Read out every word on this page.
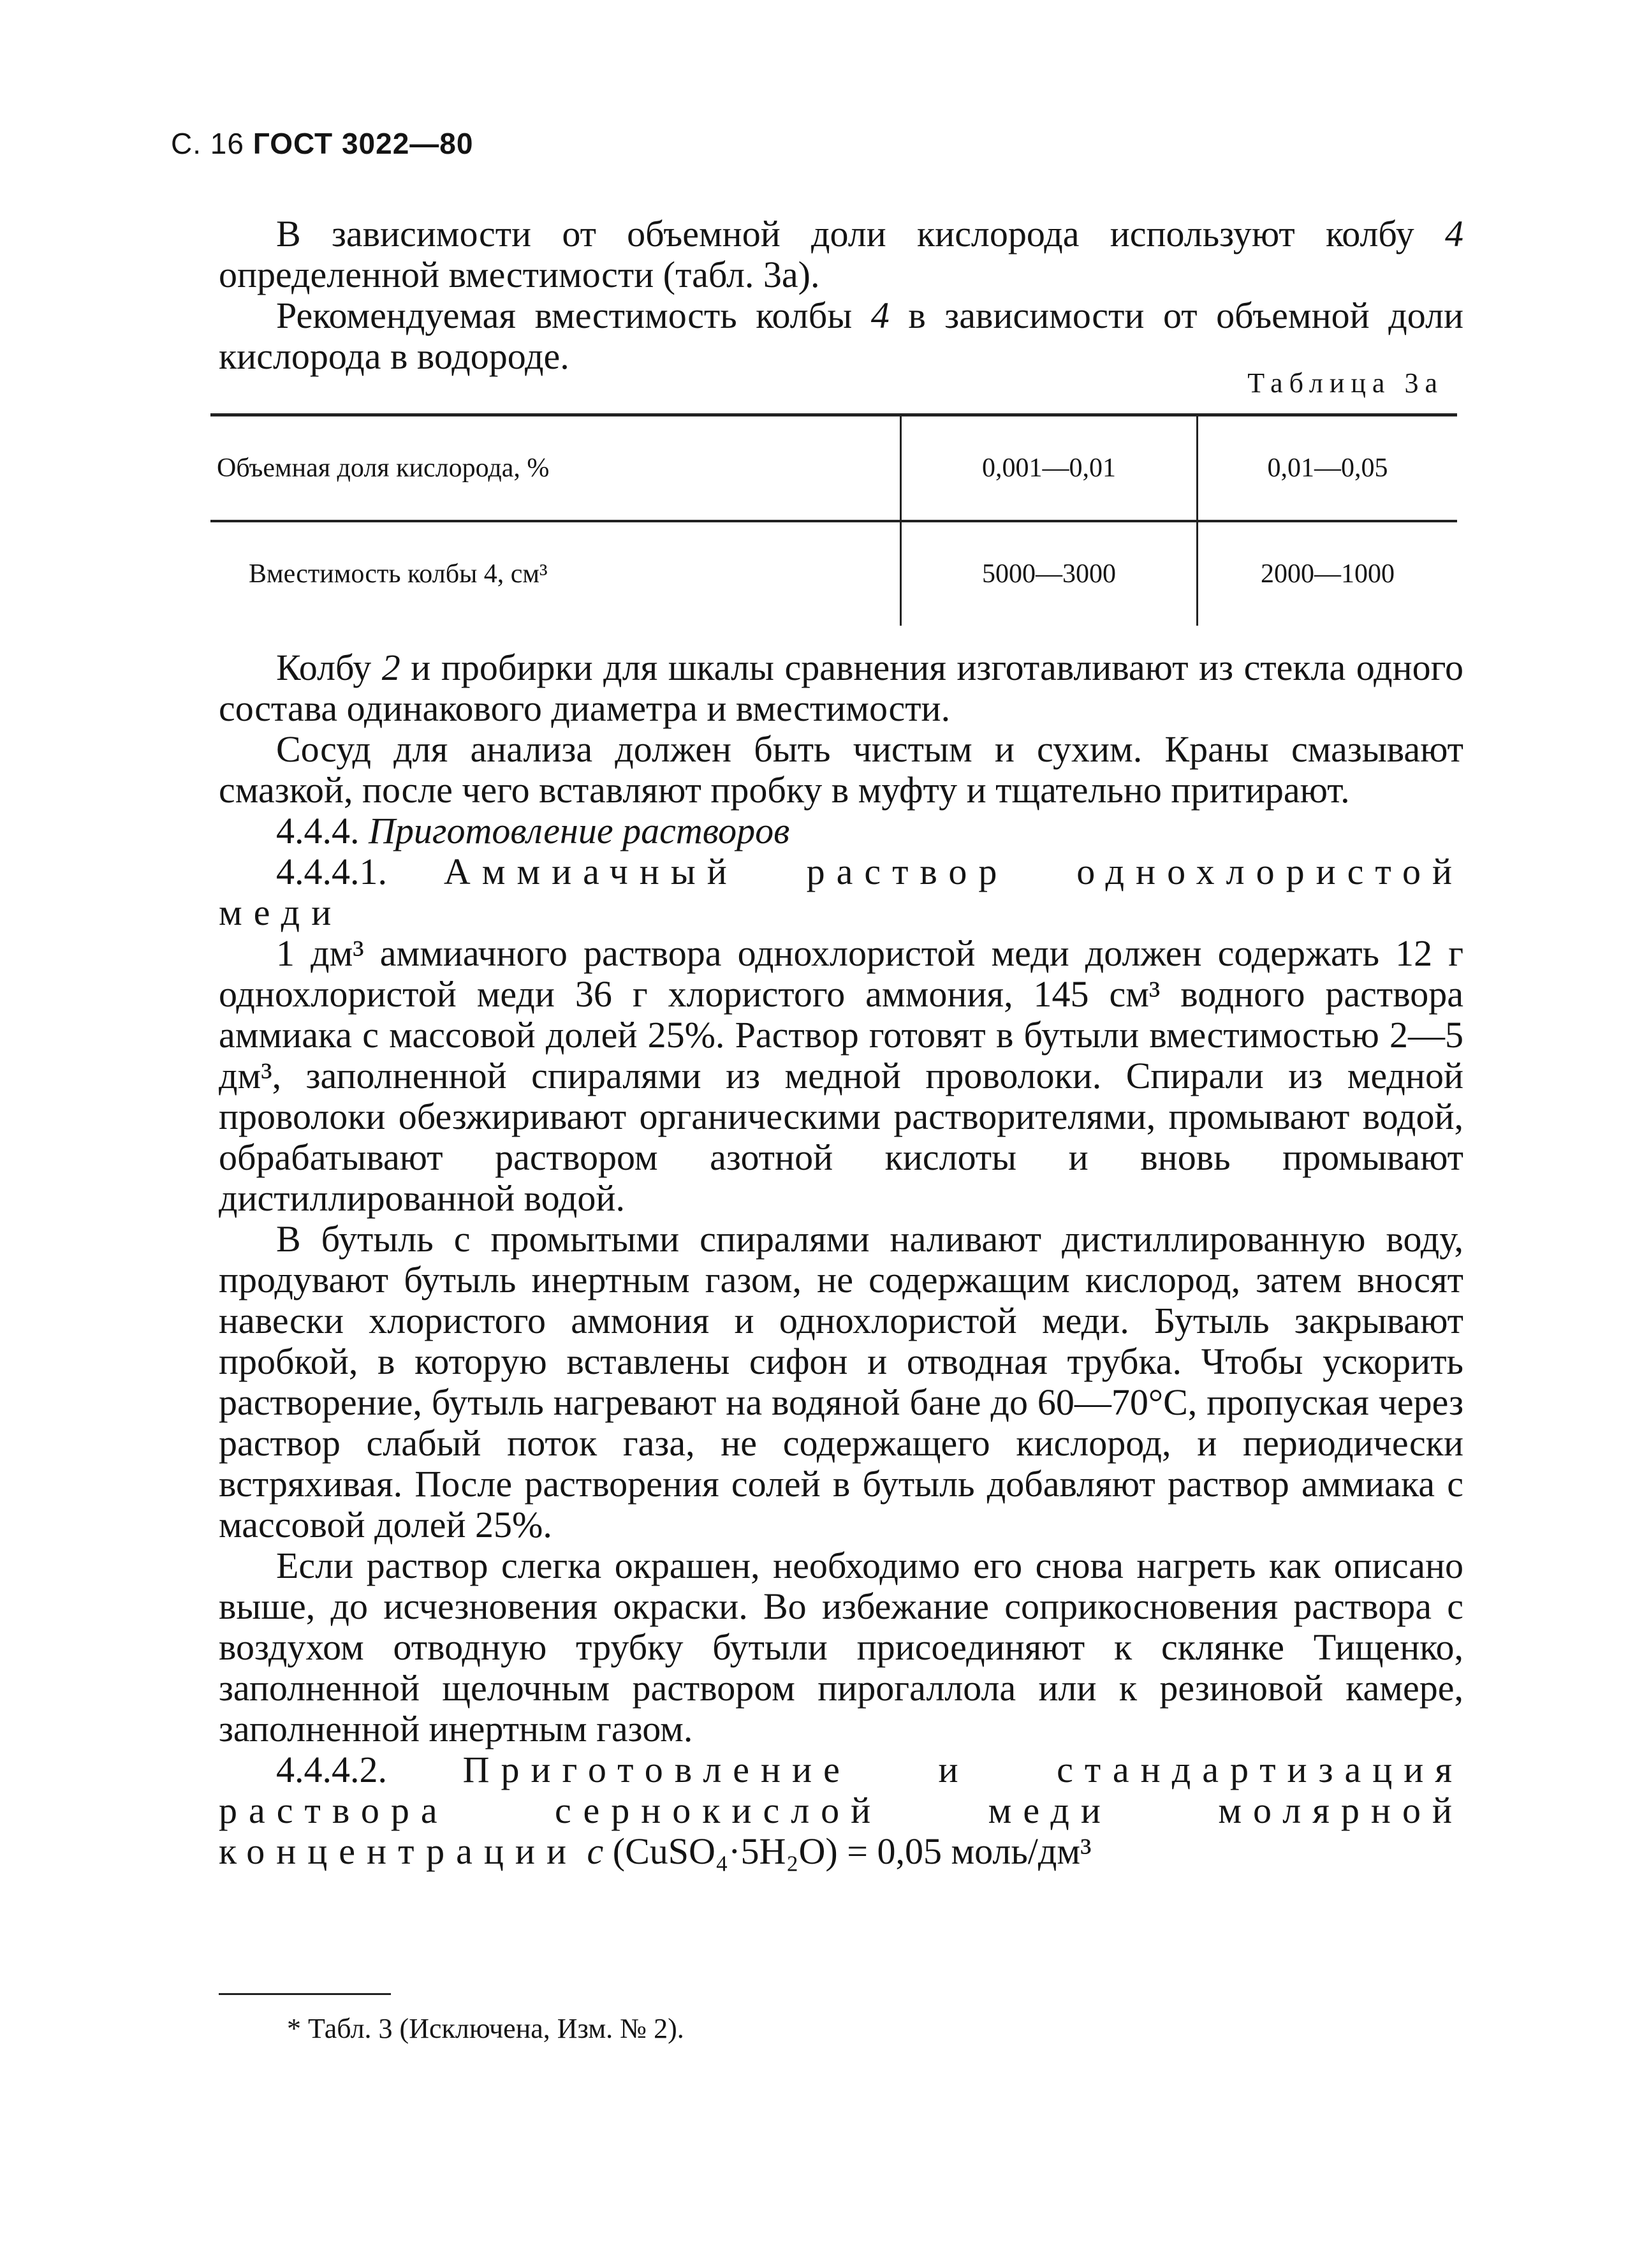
С. 16 ГОСТ 3022—80

В зависимости от объемной доли кислорода используют колбу 4 определенной вместимости (табл. 3а).

Рекомендуемая вместимость колбы 4 в зависимости от объемной доли кислорода в водороде.

Таблица 3а
Объемная доля кислорода, %	0,001—0,01	0,01—0,05
Вместимость колбы 4, см³	5000—3000	2000—1000

Колбу 2 и пробирки для шкалы сравнения изготавливают из стекла одного состава одинакового диаметра и вместимости.

Сосуд для анализа должен быть чистым и сухим. Краны смазывают смазкой, после чего вставляют пробку в муфту и тщательно притирают.

4.4.4. Приготовление растворов

4.4.4.1. Аммиачный раствор однохлористой меди

1 дм³ аммиачного раствора однохлористой меди должен содержать 12 г однохлористой меди 36 г хлористого аммония, 145 см³ водного раствора аммиака с массовой долей 25%. Раствор готовят в бутыли вместимостью 2—5 дм³, заполненной спиралями из медной проволоки. Спирали из медной проволоки обезжиривают органическими растворителями, промывают водой, обрабатывают раствором азотной кислоты и вновь промывают дистиллированной водой.

В бутыль с промытыми спиралями наливают дистиллированную воду, продувают бутыль инертным газом, не содержащим кислород, затем вносят навески хлористого аммония и однохлористой меди. Бутыль закрывают пробкой, в которую вставлены сифон и отводная трубка. Чтобы ускорить растворение, бутыль нагревают на водяной бане до 60—70°С, пропуская через раствор слабый поток газа, не содержащего кислород, и периодически встряхивая. После растворения солей в бутыль добавляют раствор аммиака с массовой долей 25%.

Если раствор слегка окрашен, необходимо его снова нагреть как описано выше, до исчезновения окраски. Во избежание соприкосновения раствора с воздухом отводную трубку бутыли присоединяют к склянке Тищенко, заполненной щелочным раствором пирогаллола или к резиновой камере, заполненной инертным газом.

4.4.4.2. Приготовление и стандартизация раствора сернокислой меди молярной концентрации c (CuSO₄·5H₂O) = 0,05 моль/дм³

* Табл. 3 (Исключена, Изм. № 2).
